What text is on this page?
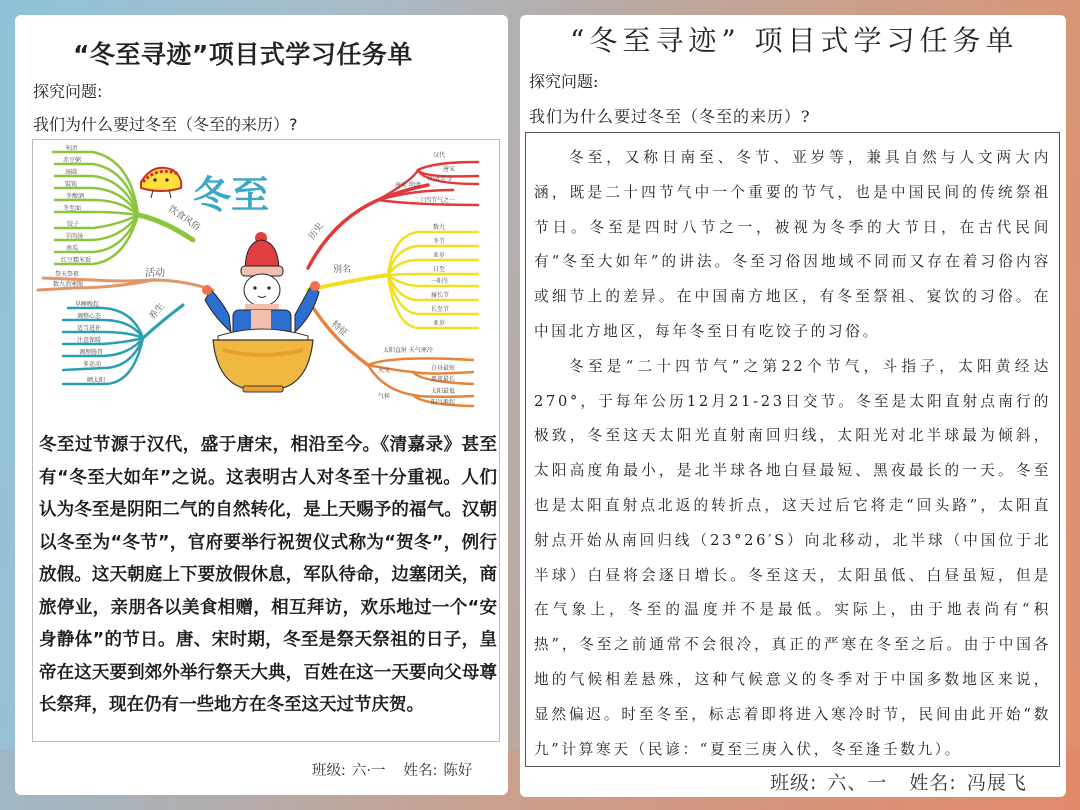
“冬至寻迹”项目式学习任务单
探究问题:
我们为什么要过冬至（冬至的来历）?
米团
赤豆粥
汤圆
馄饨
冬酿酒
冬至面
饺子
羊肉汤
南瓜
红豆糯米饭
饮食风俗
祭天祭祖
数九消寒图
活动
早睡晚起
调整心态
适当进补
注意保暖
调理肠胃
多运动
晒太阳
养生
汉代
唐宋
明清至今
唐宋 明清
二十四节气之一
历史	数九
冬节
亚岁
日至
一阳生
履长节
长至节
亚岁
别名
太阳直射 天气寒冷
白昼最短
黑夜最长
太阳最低
阳气渐起
天文
气候
特征
冬至
冬至过节源于汉代，盛于唐宋，相沿至今。《清嘉录》甚至有“冬至大如年”之说。这表明古人对冬至十分重视。人们认为冬至是阴阳二气的自然转化，是上天赐予的福气。汉朝以冬至为“冬节”，官府要举行祝贺仪式称为“贺冬”，例行放假。这天朝庭上下要放假休息，军队待命，边塞闭关，商旅停业，亲朋各以美食相赠，相互拜访，欢乐地过一个“安身静体”的节日。唐、宋时期，冬至是祭天祭祖的日子，皇帝在这天要到郊外举行祭天大典，百姓在这一天要向父母尊长祭拜，现在仍有一些地方在冬至这天过节庆贺。
班级: 六·一 姓名: 陈好
“冬至寻迹” 项目式学习任务单
探究问题:
我们为什么要过冬至（冬至的来历）?

冬至，又称日南至、冬节、亚岁等，兼具自然与人文两大内涵，既是二十四节气中一个重要的节气，也是中国民间的传统祭祖节日。冬至是四时八节之一，被视为冬季的大节日，在古代民间有“冬至大如年”的讲法。冬至习俗因地域不同而又存在着习俗内容或细节上的差异。在中国南方地区，有冬至祭祖、宴饮的习俗。在中国北方地区，每年冬至日有吃饺子的习俗。

冬至是“二十四节气”之第22个节气，斗指子，太阳黄经达270°，于每年公历12月21-23日交节。冬至是太阳直射点南行的极致，冬至这天太阳光直射南回归线，太阳光对北半球最为倾斜，太阳高度角最小，是北半球各地白昼最短、黑夜最长的一天。冬至也是太阳直射点北返的转折点，这天过后它将走“回头路”，太阳直射点开始从南回归线（23°26′S）向北移动，北半球（中国位于北半球）白昼将会逐日增长。冬至这天，太阳虽低、白昼虽短，但是在气象上，冬至的温度并不是最低。实际上，由于地表尚有“积热”，冬至之前通常不会很冷，真正的严寒在冬至之后。由于中国各地的气候相差悬殊，这种气候意义的冬季对于中国多数地区来说，显然偏迟。时至冬至，标志着即将进入寒冷时节，民间由此开始“数九”计算寒天（民谚：“夏至三庚入伏，冬至逢壬数九）。

班级: 六、一 姓名: 冯展飞
